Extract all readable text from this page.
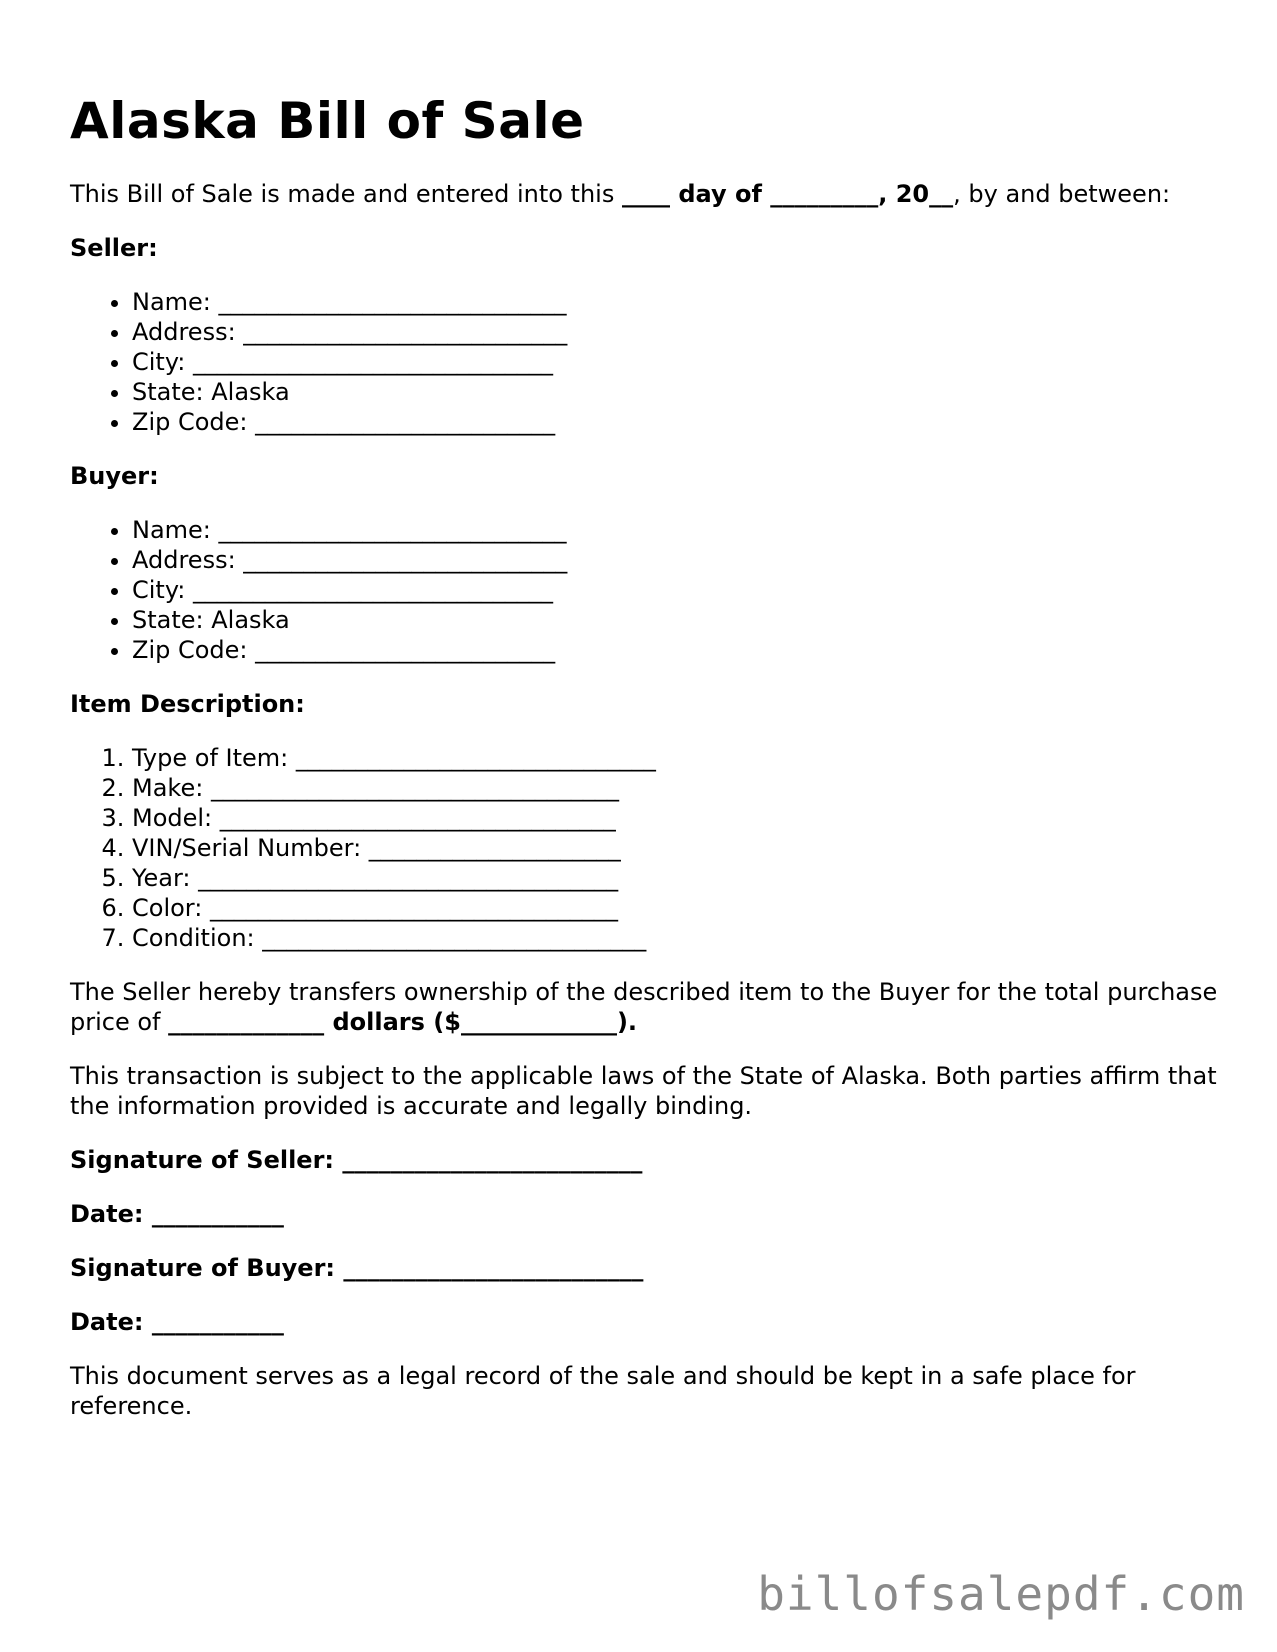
Alaska Bill of Sale

This Bill of Sale is made and entered into this ____ day of _________, 20__, by and between:

Seller:
• Name: _____________________________
• Address: ___________________________
• City: ______________________________
• State: Alaska
• Zip Code: _________________________
Buyer:
• Name: _____________________________
• Address: ___________________________
• City: ______________________________
• State: Alaska
• Zip Code: _________________________
Item Description:
1. Type of Item: ______________________________
2. Make: __________________________________
3. Model: _________________________________
4. VIN/Serial Number: _____________________
5. Year: ___________________________________
6. Color: __________________________________
7. Condition: ________________________________

The Seller hereby transfers ownership of the described item to the Buyer for the total purchase price of _____________ dollars ($_____________).

This transaction is subject to the applicable laws of the State of Alaska. Both parties affirm that the information provided is accurate and legally binding.

Signature of Seller: _________________________
Date: ___________
Signature of Buyer: _________________________
Date: ___________

This document serves as a legal record of the sale and should be kept in a safe place for reference.

billofsalepdf.com
